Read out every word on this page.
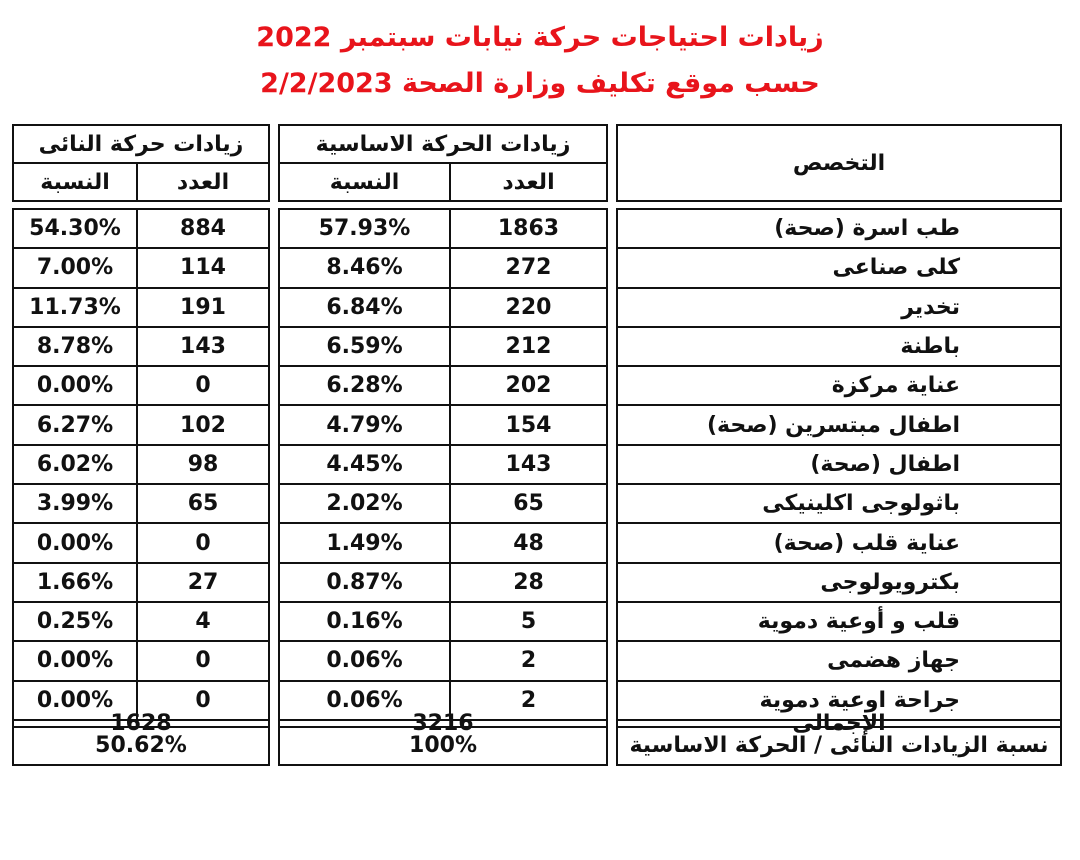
زيادات احتياجات حركة نيابات سبتمبر 2022
حسب موقع تكليف وزارة الصحة 2/2/2023
زيادات حركة النائى	زيادات الحركة الاساسية
التخصص
النسبة	العدد	النسبة	العدد
1628	3216	الإجمالى
50.62%	100%	نسبة الزيادات النائى / الحركة الاساسية
54.30%	884	57.93%	1863	طب اسرة (صحة)
7.00%	114	8.46%	272	كلى صناعى
11.73%	191	6.84%	220	تخدير
8.78%	143	6.59%	212	باطنة
0.00%	0	6.28%	202	عناية مركزة
6.27%	102	4.79%	154	اطفال مبتسرين (صحة)
6.02%	98	4.45%	143	اطفال (صحة)
3.99%	65	2.02%	65	باثولوجى اكلينيكى
0.00%	0	1.49%	48	عناية قلب (صحة)
1.66%	27	0.87%	28	بكترويولوجى
0.25%	4	0.16%	5	قلب و أوعية دموية
0.00%	0	0.06%	2	جهاز هضمى
0.00%	0	0.06%	2	جراحة اوعية دموية
